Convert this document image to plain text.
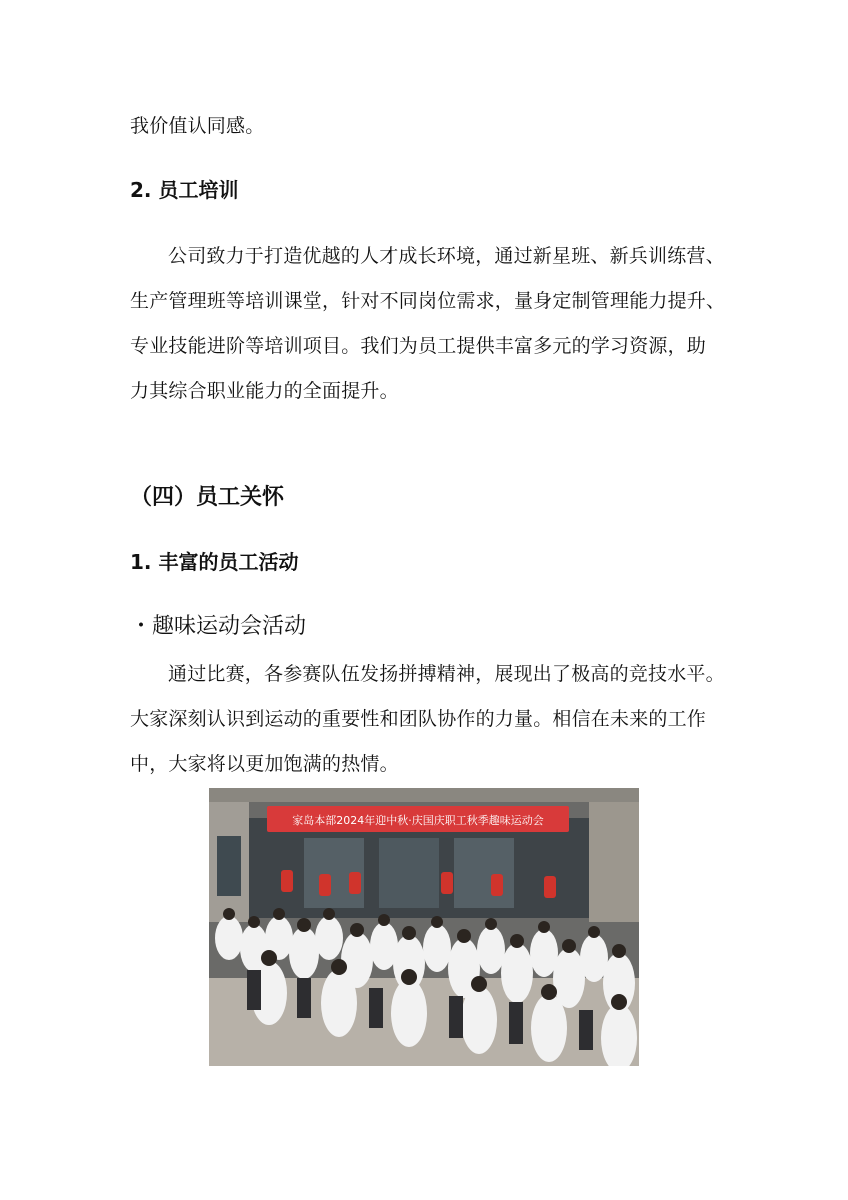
我价值认同感。
2. 员工培训
公司致力于打造优越的人才成长环境，通过新星班、新兵训练营、
生产管理班等培训课堂，针对不同岗位需求，量身定制管理能力提升、
专业技能进阶等培训项目。我们为员工提供丰富多元的学习资源，助
力其综合职业能力的全面提升。
（四）员工关怀
1. 丰富的员工活动
・趣味运动会活动
通过比赛，各参赛队伍发扬拼搏精神，展现出了极高的竞技水平。
大家深刻认识到运动的重要性和团队协作的力量。相信在未来的工作
中，大家将以更加饱满的热情。
家岛本部2024年迎中秋·庆国庆职工秋季趣味运动会
